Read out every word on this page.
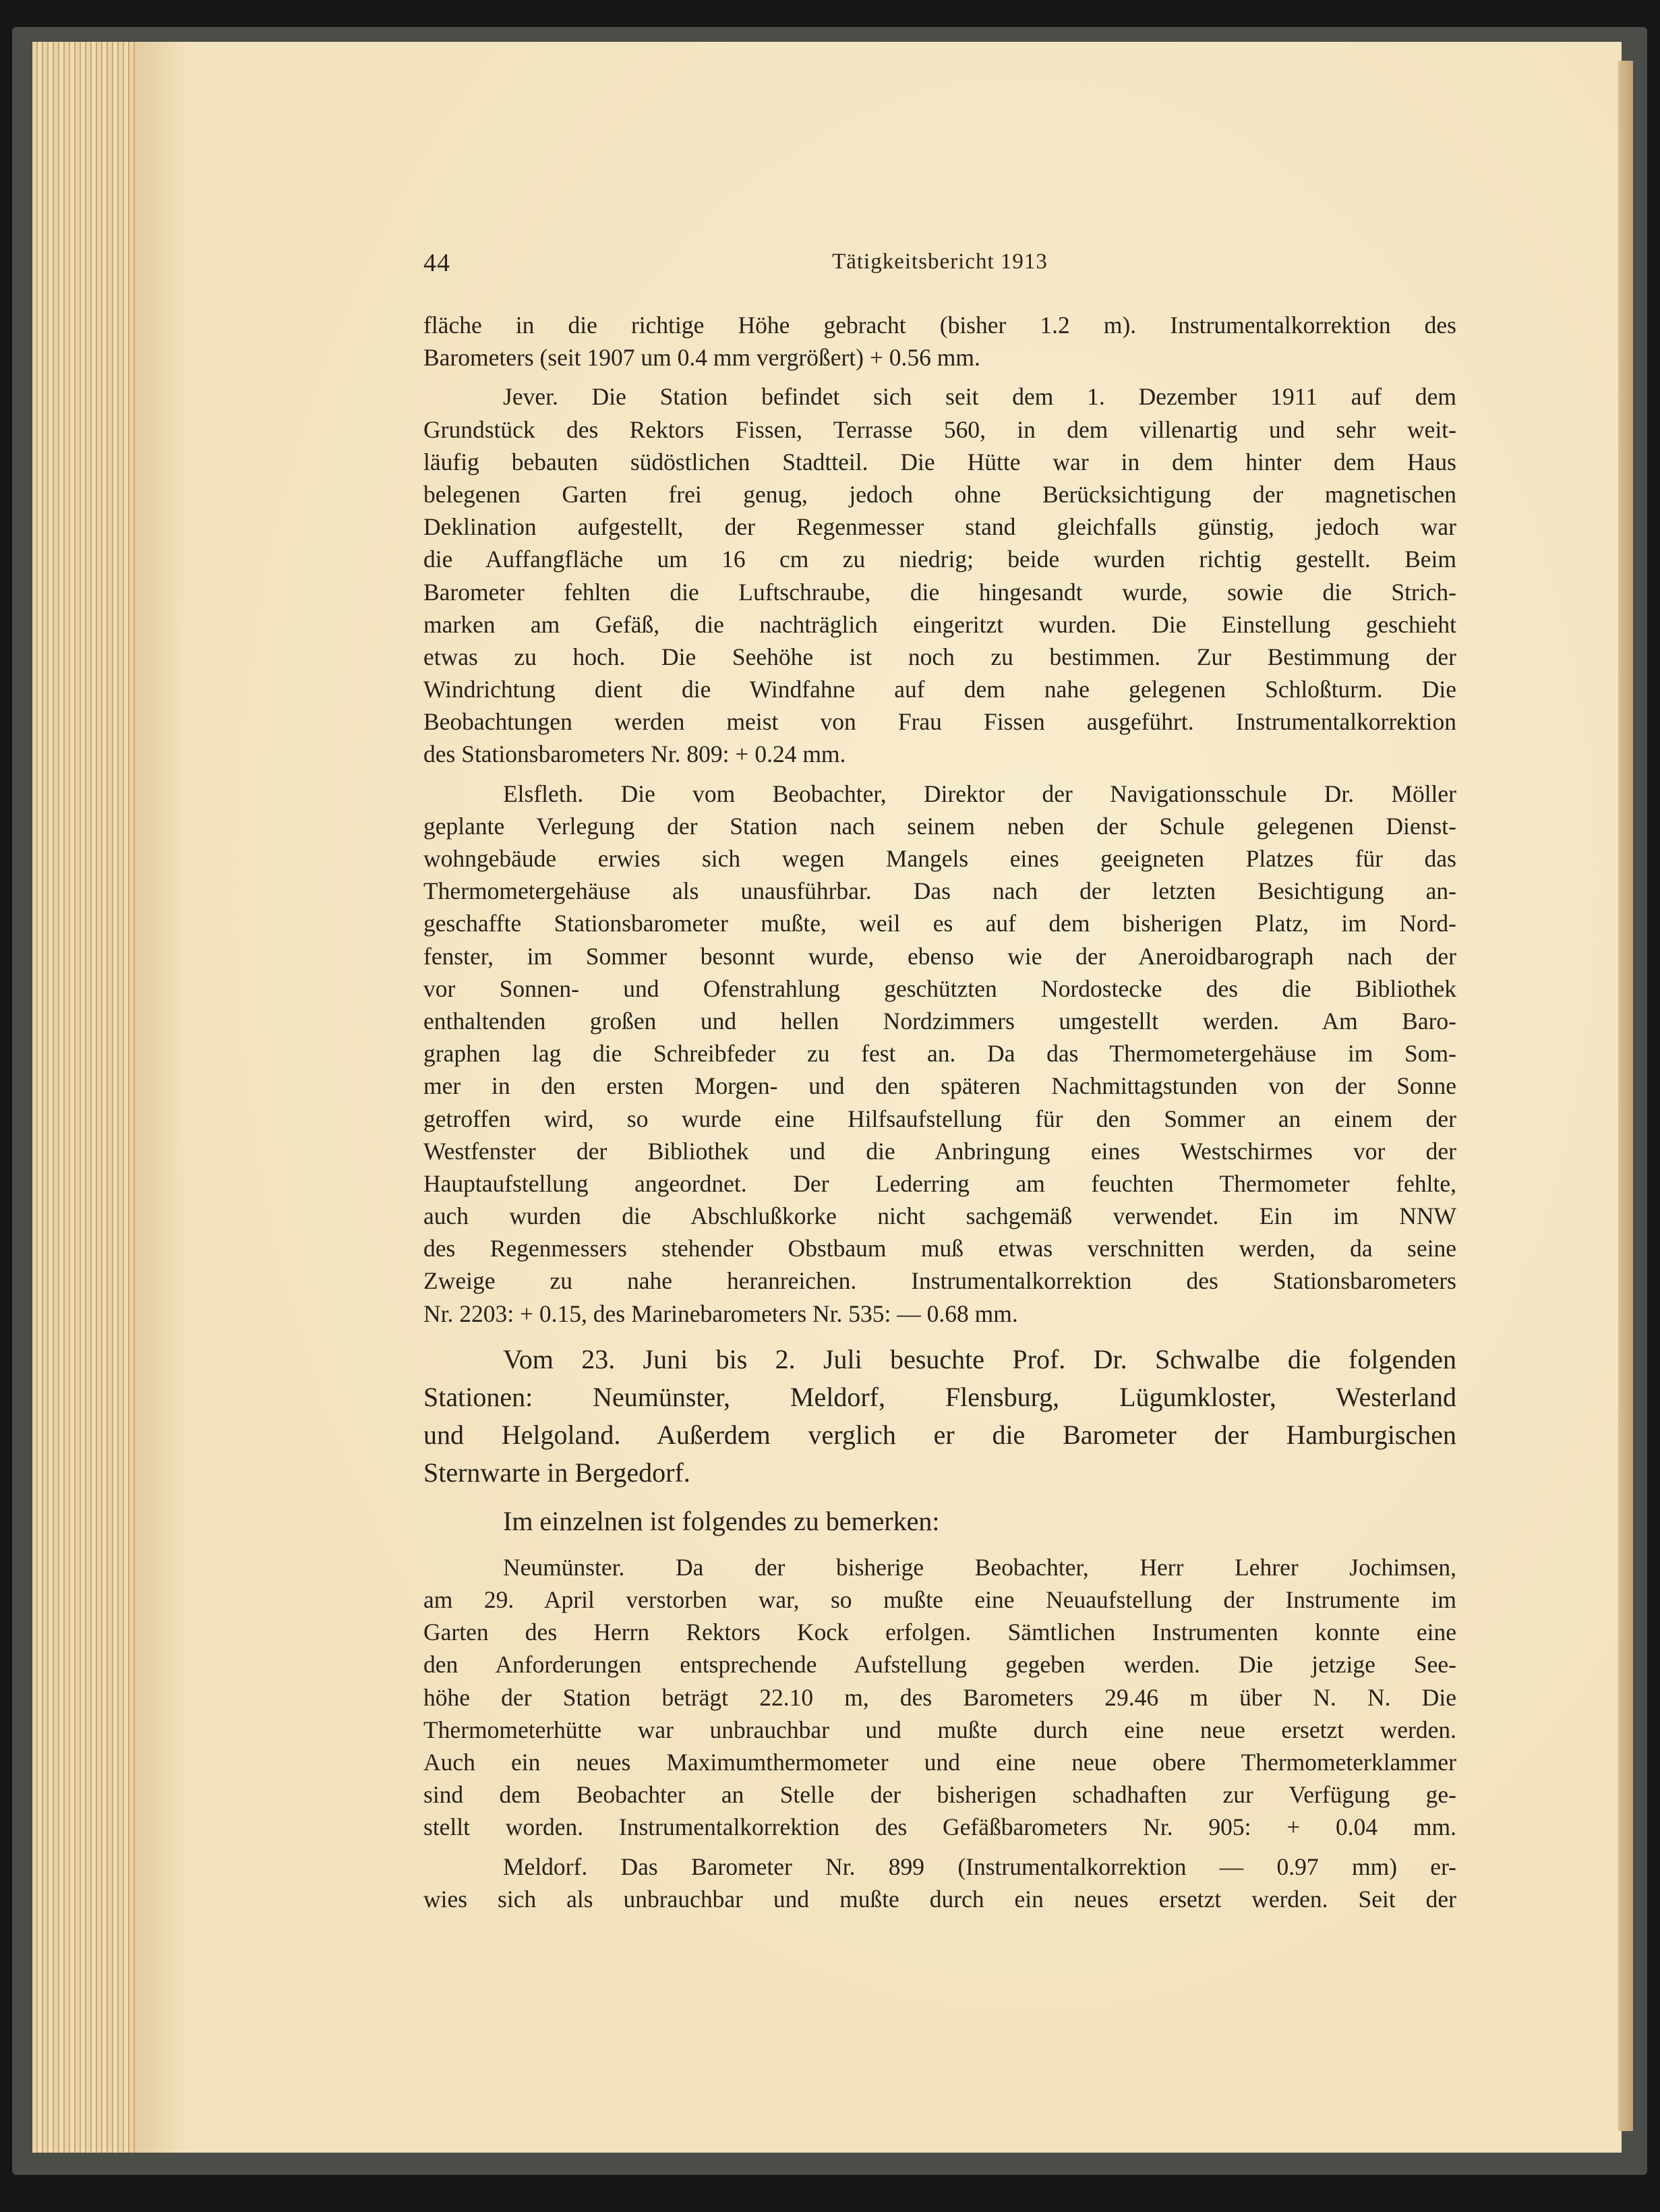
44	Tätigkeitsbericht 1913
fläche in die richtige Höhe gebracht (bisher 1.2 m). Instrumentalkorrektion des
Barometers (seit 1907 um 0.4 mm vergrößert) + 0.56 mm.
Jever. Die Station befindet sich seit dem 1. Dezember 1911 auf dem
Grundstück des Rektors Fissen, Terrasse 560, in dem villenartig und sehr weit-
läufig bebauten südöstlichen Stadtteil. Die Hütte war in dem hinter dem Haus
belegenen Garten frei genug, jedoch ohne Berücksichtigung der magnetischen
Deklination aufgestellt, der Regenmesser stand gleichfalls günstig, jedoch war
die Auffangfläche um 16 cm zu niedrig; beide wurden richtig gestellt. Beim
Barometer fehlten die Luftschraube, die hingesandt wurde, sowie die Strich-
marken am Gefäß, die nachträglich eingeritzt wurden. Die Einstellung geschieht
etwas zu hoch. Die Seehöhe ist noch zu bestimmen. Zur Bestimmung der
Windrichtung dient die Windfahne auf dem nahe gelegenen Schloßturm. Die
Beobachtungen werden meist von Frau Fissen ausgeführt. Instrumentalkorrektion
des Stationsbarometers Nr. 809: + 0.24 mm.
Elsfleth. Die vom Beobachter, Direktor der Navigationsschule Dr. Möller
geplante Verlegung der Station nach seinem neben der Schule gelegenen Dienst-
wohngebäude erwies sich wegen Mangels eines geeigneten Platzes für das
Thermometergehäuse als unausführbar. Das nach der letzten Besichtigung an-
geschaffte Stationsbarometer mußte, weil es auf dem bisherigen Platz, im Nord-
fenster, im Sommer besonnt wurde, ebenso wie der Aneroidbarograph nach der
vor Sonnen- und Ofenstrahlung geschützten Nordostecke des die Bibliothek
enthaltenden großen und hellen Nordzimmers umgestellt werden. Am Baro-
graphen lag die Schreibfeder zu fest an. Da das Thermometergehäuse im Som-
mer in den ersten Morgen- und den späteren Nachmittagstunden von der Sonne
getroffen wird, so wurde eine Hilfsaufstellung für den Sommer an einem der
Westfenster der Bibliothek und die Anbringung eines Westschirmes vor der
Hauptaufstellung angeordnet. Der Lederring am feuchten Thermometer fehlte,
auch wurden die Abschlußkorke nicht sachgemäß verwendet. Ein im NNW
des Regenmessers stehender Obstbaum muß etwas verschnitten werden, da seine
Zweige zu nahe heranreichen. Instrumentalkorrektion des Stationsbarometers
Nr. 2203: + 0.15, des Marinebarometers Nr. 535: — 0.68 mm.
Vom 23. Juni bis 2. Juli besuchte Prof. Dr. Schwalbe die folgenden
Stationen: Neumünster, Meldorf, Flensburg, Lügumkloster, Westerland
und Helgoland. Außerdem verglich er die Barometer der Hamburgischen
Sternwarte in Bergedorf.
Im einzelnen ist folgendes zu bemerken:
Neumünster. Da der bisherige Beobachter, Herr Lehrer Jochimsen,
am 29. April verstorben war, so mußte eine Neuaufstellung der Instrumente im
Garten des Herrn Rektors Kock erfolgen. Sämtlichen Instrumenten konnte eine
den Anforderungen entsprechende Aufstellung gegeben werden. Die jetzige See-
höhe der Station beträgt 22.10 m, des Barometers 29.46 m über N. N. Die
Thermometerhütte war unbrauchbar und mußte durch eine neue ersetzt werden.
Auch ein neues Maximumthermometer und eine neue obere Thermometerklammer
sind dem Beobachter an Stelle der bisherigen schadhaften zur Verfügung ge-
stellt worden. Instrumentalkorrektion des Gefäßbarometers Nr. 905: + 0.04 mm.
Meldorf. Das Barometer Nr. 899 (Instrumentalkorrektion — 0.97 mm) er-
wies sich als unbrauchbar und mußte durch ein neues ersetzt werden. Seit der
